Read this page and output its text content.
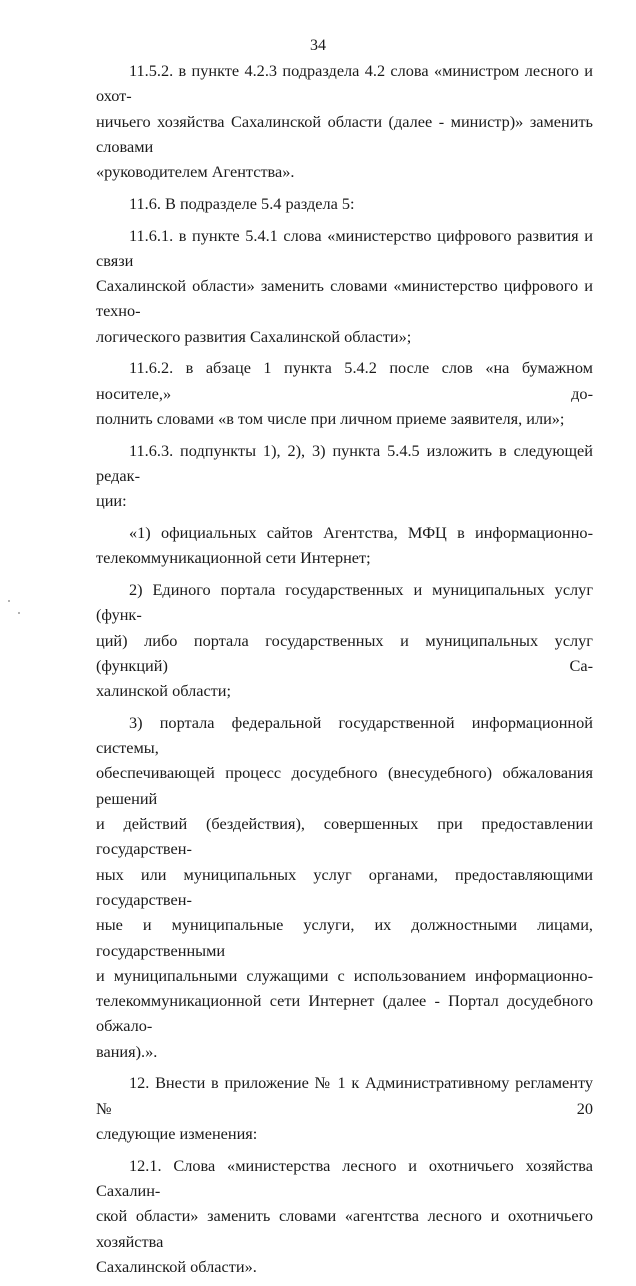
34

11.5.2. в пункте 4.2.3 подраздела 4.2 слова «министром лесного и охот-
ничьего хозяйства Сахалинской области (далее - министр)» заменить словами
«руководителем Агентства».

11.6. В подразделе 5.4 раздела 5:

11.6.1. в пункте 5.4.1 слова «министерство цифрового развития и связи
Сахалинской области» заменить словами «министерство цифрового и техно-
логического развития Сахалинской области»;

11.6.2. в абзаце 1 пункта 5.4.2 после слов «на бумажном носителе,» до-
полнить словами «в том числе при личном приеме заявителя, или»;

11.6.3. подпункты 1), 2), 3) пункта 5.4.5 изложить в следующей редак-
ции:

«1) официальных сайтов Агентства, МФЦ в информационно-
телекоммуникационной сети Интернет;

2) Единого портала государственных и муниципальных услуг (функ-
ций) либо портала государственных и муниципальных услуг (функций) Са-
халинской области;

3) портала федеральной государственной информационной системы,
обеспечивающей процесс досудебного (внесудебного) обжалования решений
и действий (бездействия), совершенных при предоставлении государствен-
ных или муниципальных услуг органами, предоставляющими государствен-
ные и муниципальные услуги, их должностными лицами, государственными
и муниципальными служащими с использованием информационно-
телекоммуникационной сети Интернет (далее - Портал досудебного обжало-
вания).».

12. Внести в приложение № 1 к Административному регламенту № 20
следующие изменения:

12.1. Слова «министерства лесного и охотничьего хозяйства Сахалин-
ской области» заменить словами «агентства лесного и охотничьего хозяйства
Сахалинской области».
